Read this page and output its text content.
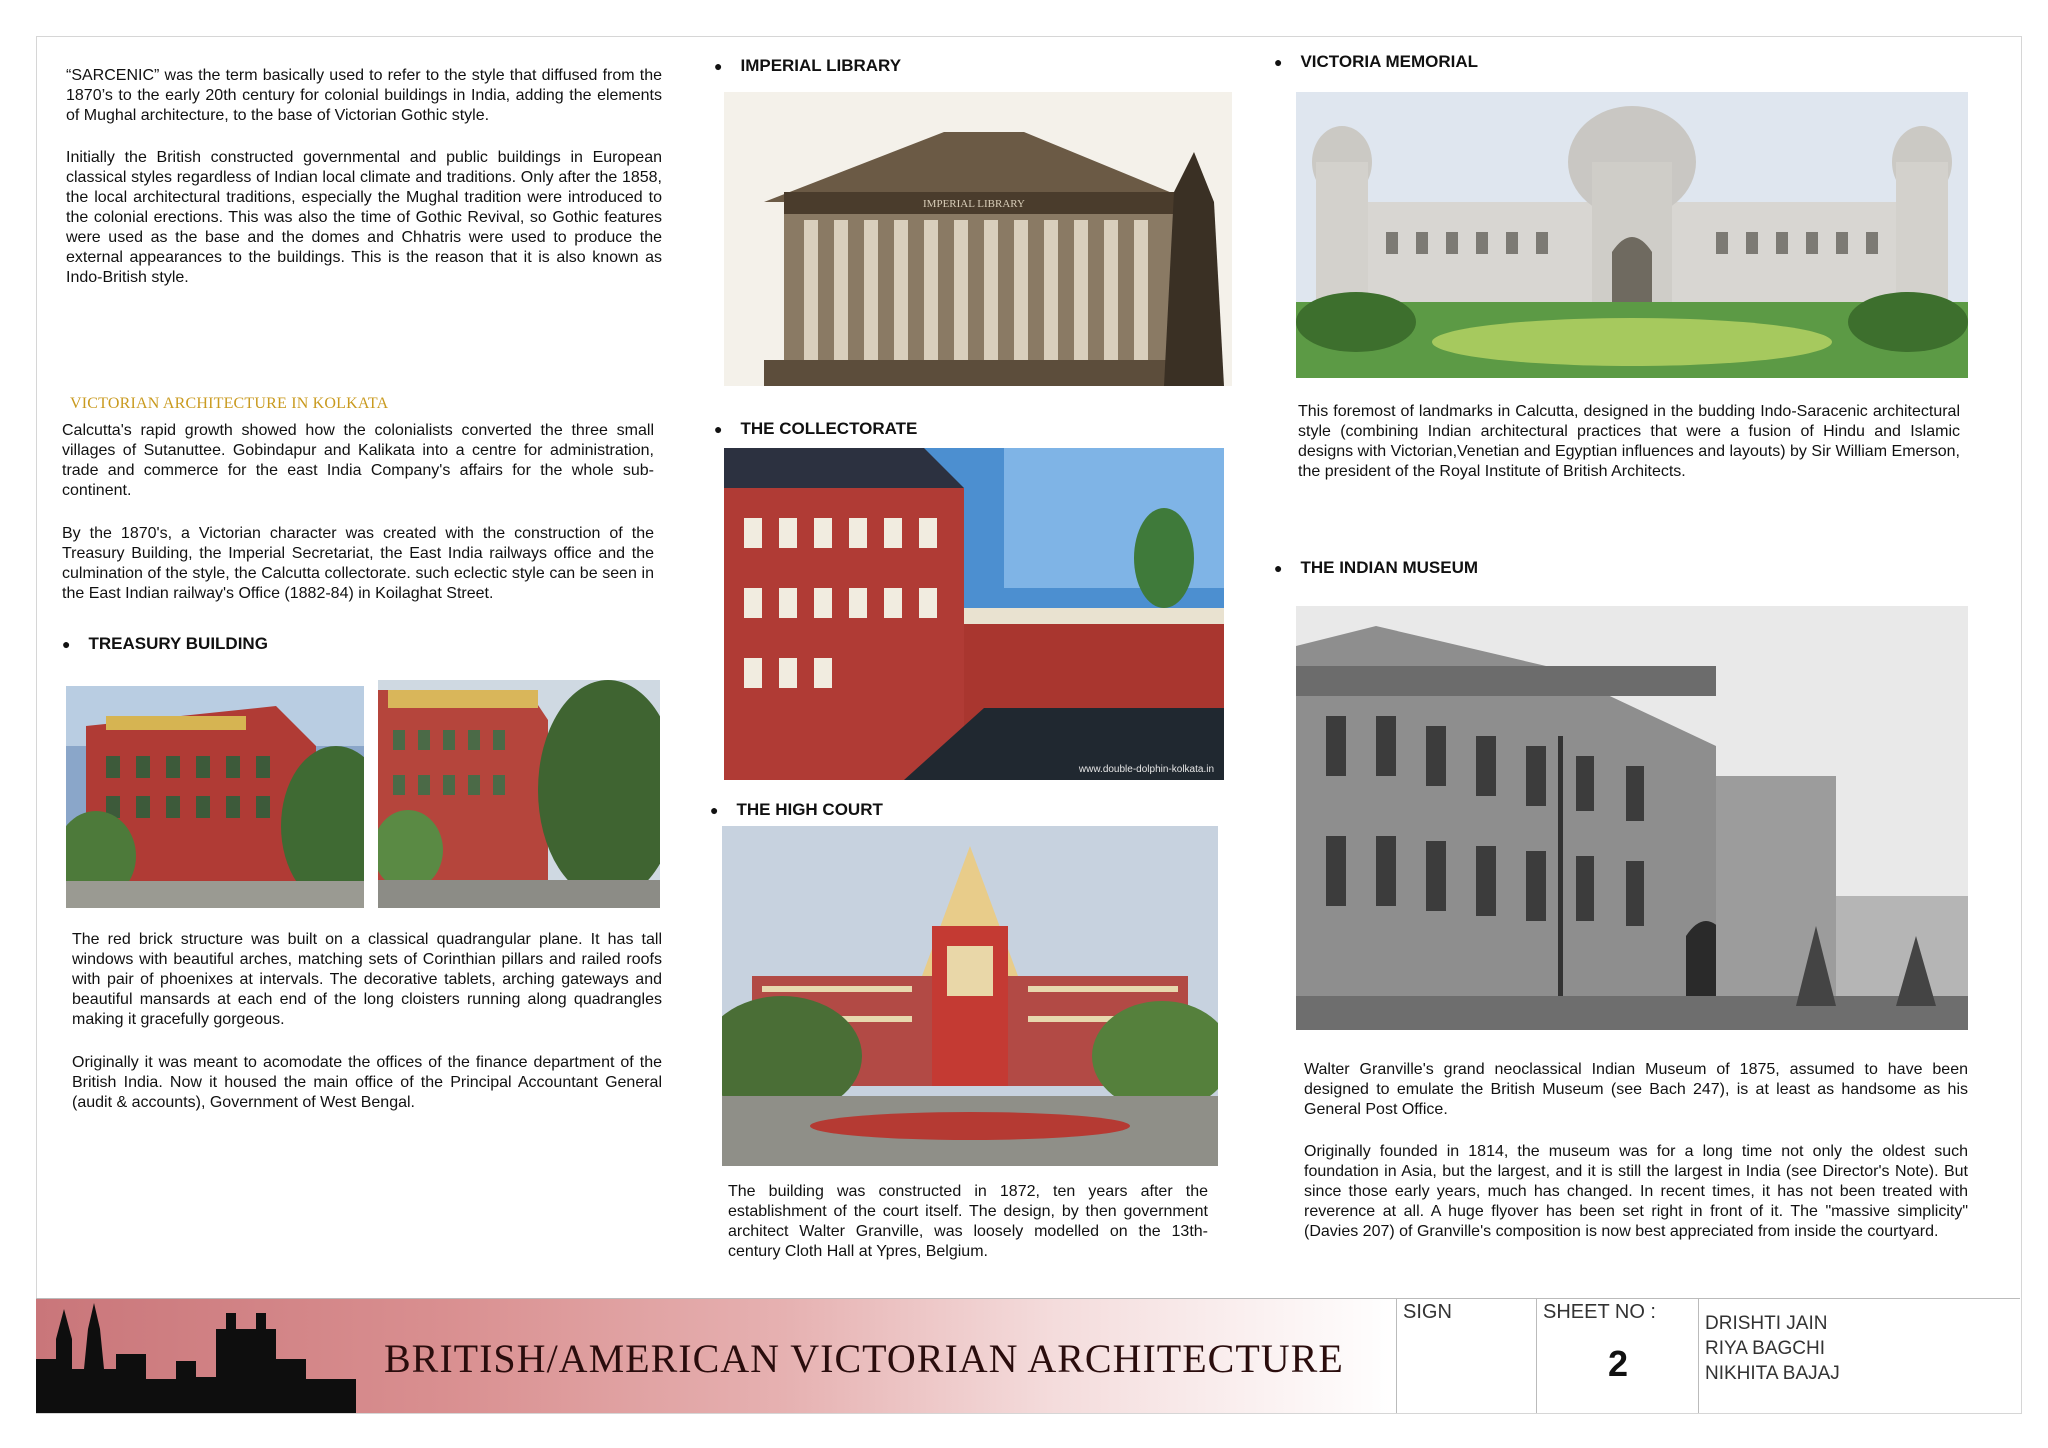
“SARCENIC” was the term basically used to refer to the style that diffused from the 1870’s to the early 20th century for colonial buildings in India, adding the elements of Mughal architecture, to the base of Victorian Gothic style.

Initially the British constructed governmental and public buildings in European classical styles regardless of Indian local climate and traditions. Only after the 1858, the local architectural traditions, especially the Mughal tradition were introduced to the colonial erections. This was also the time of Gothic Revival, so Gothic features were used as the base and the domes and Chhatris were used to produce the external appearances to the buildings. This is the reason that it is also known as Indo-British style.

VICTORIAN ARCHITECTURE IN KOLKATA

Calcutta's rapid growth showed how the colonialists converted the three small villages of Sutanuttee. Gobindapur and Kalikata into a centre for administration, trade and commerce for the east India Company's affairs for the whole sub-continent.

By the 1870's, a Victorian character was created with the construction of the Treasury Building, the Imperial Secretariat, the East India railways office and the culmination of the style, the Calcutta collectorate. such eclectic style can be seen in the East Indian railway's Office (1882-84) in Koilaghat Street.

● TREASURY BUILDING

The red brick structure was built on a classical quadrangular plane. It has tall windows with beautiful arches, matching sets of Corinthian pillars and railed roofs with pair of phoenixes at intervals. The decorative tablets, arching gateways and beautiful mansards at each end of the long cloisters running along quadrangles making it gracefully gorgeous.

Originally it was meant to acomodate the offices of the finance department of the British India. Now it housed the main office of the Principal Accountant General (audit & accounts), Government of West Bengal.

● IMPERIAL LIBRARY
IMPERIAL LIBRARY
● THE COLLECTORATE
www.double-dolphin-kolkata.in
● THE HIGH COURT

The building was constructed in 1872, ten years after the establishment of the court itself. The design, by then government architect Walter Granville, was loosely modelled on the 13th-century Cloth Hall at Ypres, Belgium.

● VICTORIA MEMORIAL

This foremost of landmarks in Calcutta, designed in the budding Indo-Saracenic architectural style (combining Indian architectural practices that were a fusion of Hindu and Islamic designs with Victorian,Venetian and Egyptian influences and layouts) by Sir William Emerson, the president of the Royal Institute of British Architects.

● THE INDIAN MUSEUM

Walter Granville's grand neoclassical Indian Museum of 1875, assumed to have been designed to emulate the British Museum (see Bach 247), is at least as handsome as his General Post Office.

Originally founded in 1814, the museum was for a long time not only the oldest such foundation in Asia, but the largest, and it is still the largest in India (see Director's Note). But since those early years, much has changed. In recent times, it has not been treated with reverence at all. A huge flyover has been set right in front of it. The "massive simplicity" (Davies 207) of Granville's composition is now best appreciated from inside the courtyard.

BRITISH/AMERICAN VICTORIAN ARCHITECTURE
SIGN	SHEET NO :
2
DRISHTI JAIN
RIYA BAGCHI
NIKHITA BAJAJ
